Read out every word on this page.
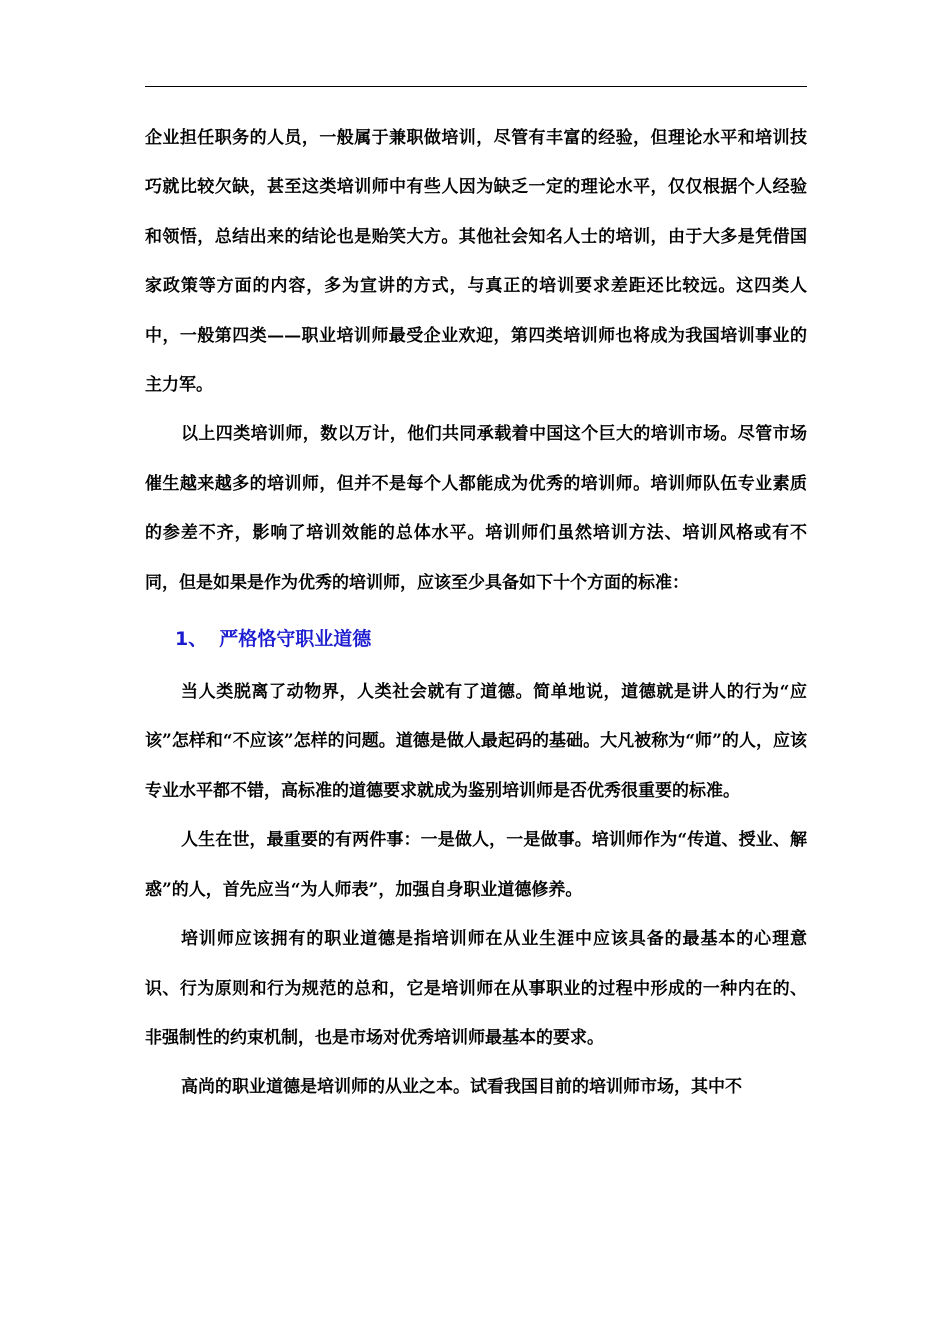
企业担任职务的人员，一般属于兼职做培训，尽管有丰富的经验，但理论水平和培训技巧就比较欠缺，甚至这类培训师中有些人因为缺乏一定的理论水平，仅仅根据个人经验和领悟，总结出来的结论也是贻笑大方。其他社会知名人士的培训，由于大多是凭借国家政策等方面的内容，多为宣讲的方式，与真正的培训要求差距还比较远。这四类人中，一般第四类——职业培训师最受企业欢迎，第四类培训师也将成为我国培训事业的主力军。

以上四类培训师，数以万计，他们共同承载着中国这个巨大的培训市场。尽管市场催生越来越多的培训师，但并不是每个人都能成为优秀的培训师。培训师队伍专业素质的参差不齐，影响了培训效能的总体水平。培训师们虽然培训方法、培训风格或有不同，但是如果是作为优秀的培训师，应该至少具备如下十个方面的标准：

1、 严格恪守职业道德

当人类脱离了动物界，人类社会就有了道德。简单地说，道德就是讲人的行为“应该”怎样和“不应该”怎样的问题。道德是做人最起码的基础。大凡被称为“师”的人，应该专业水平都不错，高标准的道德要求就成为鉴别培训师是否优秀很重要的标准。

人生在世，最重要的有两件事：一是做人，一是做事。培训师作为“传道、授业、解惑”的人，首先应当“为人师表”，加强自身职业道德修养。

培训师应该拥有的职业道德是指培训师在从业生涯中应该具备的最基本的心理意识、行为原则和行为规范的总和，它是培训师在从事职业的过程中形成的一种内在的、非强制性的约束机制，也是市场对优秀培训师最基本的要求。

高尚的职业道德是培训师的从业之本。试看我国目前的培训师市场，其中不
